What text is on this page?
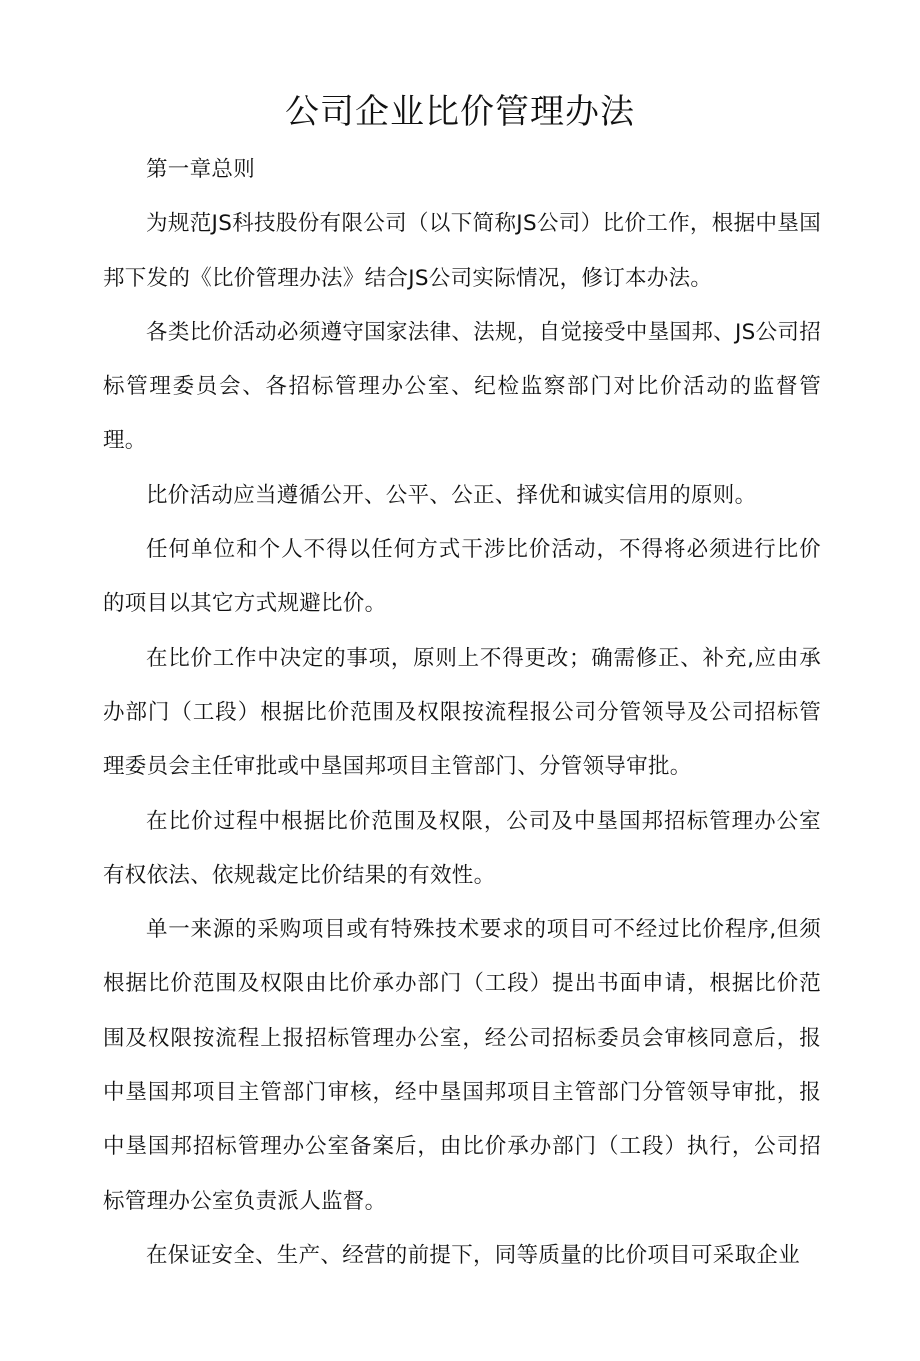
公司企业比价管理办法

第一章总则

为规范JS科技股份有限公司（以下简称JS公司）比价工作，根据中垦国邦下发的《比价管理办法》结合JS公司实际情况，修订本办法。

各类比价活动必须遵守国家法律、法规，自觉接受中垦国邦、JS公司招标管理委员会、各招标管理办公室、纪检监察部门对比价活动的监督管理。

比价活动应当遵循公开、公平、公正、择优和诚实信用的原则。

任何单位和个人不得以任何方式干涉比价活动，不得将必须进行比价的项目以其它方式规避比价。

在比价工作中决定的事项，原则上不得更改；确需修正、补充,应由承办部门（工段）根据比价范围及权限按流程报公司分管领导及公司招标管理委员会主任审批或中垦国邦项目主管部门、分管领导审批。

在比价过程中根据比价范围及权限，公司及中垦国邦招标管理办公室有权依法、依规裁定比价结果的有效性。

单一来源的采购项目或有特殊技术要求的项目可不经过比价程序,但须根据比价范围及权限由比价承办部门（工段）提出书面申请，根据比价范围及权限按流程上报招标管理办公室，经公司招标委员会审核同意后，报中垦国邦项目主管部门审核，经中垦国邦项目主管部门分管领导审批，报中垦国邦招标管理办公室备案后，由比价承办部门（工段）执行，公司招标管理办公室负责派人监督。

在保证安全、生产、经营的前提下，同等质量的比价项目可采取企业
